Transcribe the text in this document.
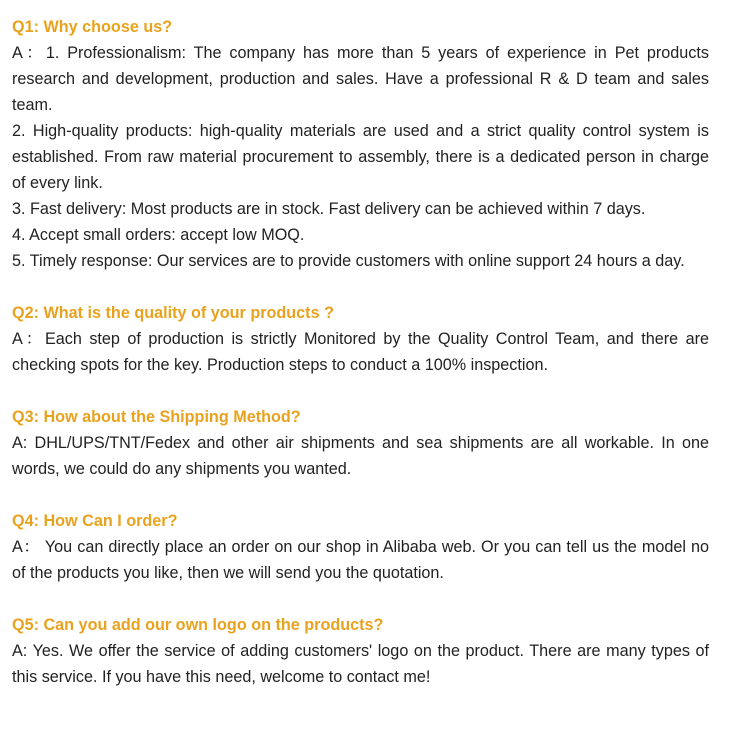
Q1: Why choose us?

A：1. Professionalism: The company has more than 5 years of experience in Pet products research and development, production and sales. Have a professional R & D team and sales team.

2. High-quality products: high-quality materials are used and a strict quality control system is established. From raw material procurement to assembly, there is a dedicated person in charge of every link.

3. Fast delivery: Most products are in stock. Fast delivery can be achieved within 7 days.

4. Accept small orders: accept low MOQ.

5. Timely response: Our services are to provide customers with online support 24 hours a day.

Q2: What is the quality of your products ?

A：Each step of production is strictly Monitored by the Quality Control Team, and there are checking spots for the key. Production steps to conduct a 100% inspection.

Q3: How about the Shipping Method?

A: DHL/UPS/TNT/Fedex and other air shipments and sea shipments are all workable. In one words, we could do any shipments you wanted.

Q4: How Can I order?

A： You can directly place an order on our shop in Alibaba web. Or you can tell us the model no of the products you like, then we will send you the quotation.

Q5: Can you add our own logo on the products?

A: Yes. We offer the service of adding customers' logo on the product. There are many types of this service. If you have this need, welcome to contact me!
